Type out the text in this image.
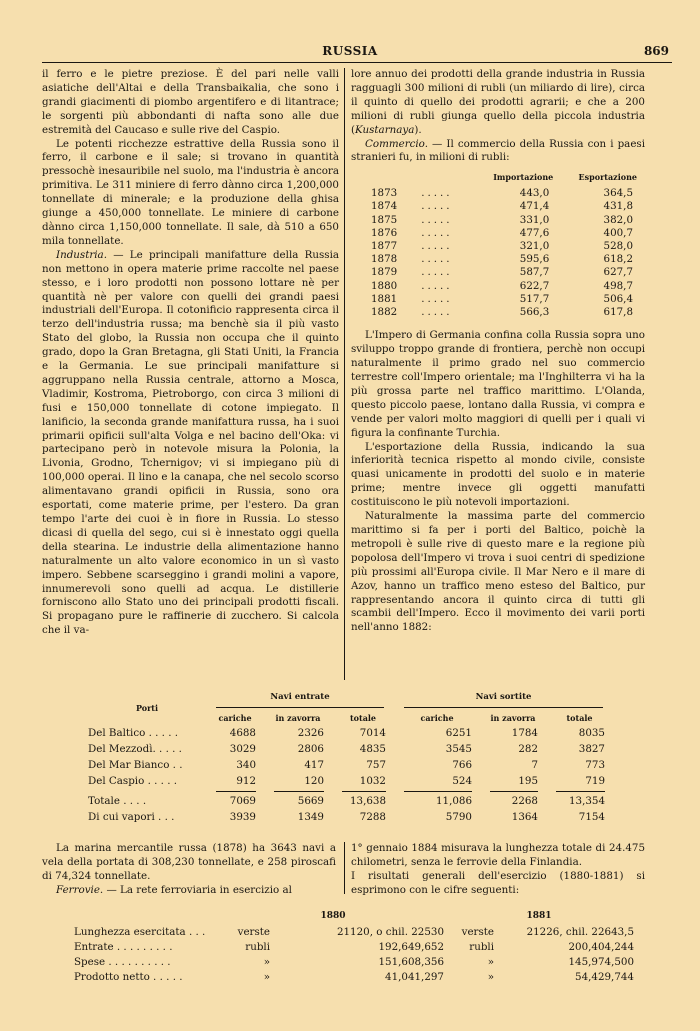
RUSSIA	869

il ferro e le pietre preziose. È del pari nelle valli asiatiche dell'Altai e della Transbaikalia, che sono i grandi giacimenti di piombo argentifero e di litantrace; le sorgenti più abbondanti di nafta sono alle due estremità del Caucaso e sulle rive del Caspio.

Le potenti ricchezze estrattive della Russia sono il ferro, il carbone e il sale; si trovano in quantità pressochè inesauribile nel suolo, ma l'industria è ancora primitiva. Le 311 miniere di ferro dànno circa 1,200,000 tonnellate di minerale; e la produzione della ghisa giunge a 450,000 tonnellate. Le miniere di carbone dànno circa 1,150,000 tonnellate. Il sale, dà 510 a 650 mila tonnellate.

Industria. — Le principali manifatture della Russia non mettono in opera materie prime raccolte nel paese stesso, e i loro prodotti non possono lottare nè per quantità nè per valore con quelli dei grandi paesi industriali dell'Europa. Il cotonificio rappresenta circa il terzo dell'industria russa; ma benchè sia il più vasto Stato del globo, la Russia non occupa che il quinto grado, dopo la Gran Bretagna, gli Stati Uniti, la Francia e la Germania. Le sue principali manifatture si aggruppano nella Russia centrale, attorno a Mosca, Vladimir, Kostroma, Pietroborgo, con circa 3 milioni di fusi e 150,000 tonnellate di cotone impiegato. Il lanificio, la seconda grande manifattura russa, ha i suoi primarii opificii sull'alta Volga e nel bacino dell'Oka: vi partecipano però in notevole misura la Polonia, la Livonia, Grodno, Tchernigov; vi si impiegano più di 100,000 operai. Il lino e la canapa, che nel secolo scorso alimentavano grandi opificii in Russia, sono ora esportati, come materie prime, per l'estero. Da gran tempo l'arte dei cuoi è in fiore in Russia. Lo stesso dicasi di quella del sego, cui si è innestato oggi quella della stearina. Le industrie della alimentazione hanno naturalmente un alto valore economico in un sì vasto impero. Sebbene scarseggino i grandi molini a vapore, innumerevoli sono quelli ad acqua. Le distillerie forniscono allo Stato uno dei principali prodotti fiscali. Si propagano pure le raffinerie di zucchero. Si calcola che il va-

lore annuo dei prodotti della grande industria in Russia ragguagli 300 milioni di rubli (un miliardo di lire), circa il quinto di quello dei prodotti agrarii; e che a 200 milioni di rubli giunga quello della piccola industria (Kustarnaya).

Commercio. — Il commercio della Russia con i paesi stranieri fu, in milioni di rubli:

		Importazione	Esportazione
1873	.....	443,0	364,5
1874	.....	471,4	431,8
1875	.....	331,0	382,0
1876	.....	477,6	400,7
1877	.....	321,0	528,0
1878	.....	595,6	618,2
1879	.....	587,7	627,7
1880	.....	622,7	498,7
1881	.....	517,7	506,4
1882	.....	566,3	617,8

L'Impero di Germania confina colla Russia sopra uno sviluppo troppo grande di frontiera, perchè non occupi naturalmente il primo grado nel suo commercio terrestre coll'Impero orientale; ma l'Inghilterra vi ha la più grossa parte nel traffico marittimo. L'Olanda, questo piccolo paese, lontano dalla Russia, vi compra e vende per valori molto maggiori di quelli per i quali vi figura la confinante Turchia.

L'esportazione della Russia, indicando la sua inferiorità tecnica rispetto al mondo civile, consiste quasi unicamente in prodotti del suolo e in materie prime; mentre invece gli oggetti manufatti costituiscono le più notevoli importazioni.

Naturalmente la massima parte del commercio marittimo si fa per i porti del Baltico, poichè la metropoli è sulle rive di questo mare e la regione più popolosa dell'Impero vi trova i suoi centri di spedizione più prossimi all'Europa civile. Il Mar Nero e il mare di Azov, hanno un traffico meno esteso del Baltico, pur rappresentando ancora il quinto circa di tutti gli scambii dell'Impero. Ecco il movimento dei varii porti nell'anno 1882:

Porti	Navi entrate			Navi sortite		

	cariche	in zavorra	totale	cariche	in zavorra	totale
Del Baltico . . . . .	4688	2326	7014	6251	1784	8035
Del Mezzodì. . . . .	3029	2806	4835	3545	282	3827
Del Mar Bianco . .	340	417	757	766	7	773
Del Caspio . . . . .	912	120	1032	524	195	719

Totale . . . .	7069	5669	13,638	11,086	2268	13,354
Di cui vapori . . .	3939	1349	7288	5790	1364	7154

La marina mercantile russa (1878) ha 3643 navi a vela della portata di 308,230 tonnellate, e 258 piroscafi di 74,324 tonnellate.

Ferrovie. — La rete ferroviaria in esercizio al

1° gennaio 1884 misurava la lunghezza totale di 24.475 chilometri, senza le ferrovie della Finlandia.

I risultati generali dell'esercizio (1880-1881) si esprimono con le cifre seguenti:

	1880		1881	
Lunghezza esercitata . . .	verste	21120, o chil. 22530	verste	21226, chil. 22643,5
Entrate . . . . . . . . .	rubli	192,649,652	rubli	200,404,244
Spese . . . . . . . . . .	»	151,608,356	»	145,974,500
Prodotto netto . . . . .	»	41,041,297	»	54,429,744
